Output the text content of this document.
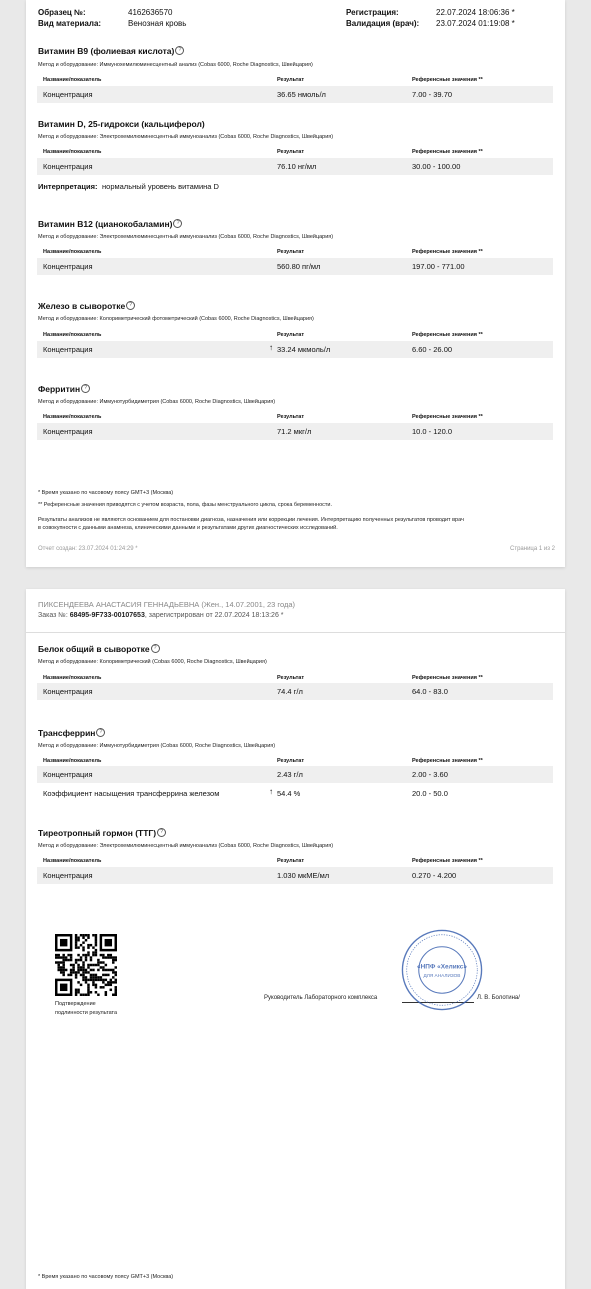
Образец №:	4162636570
Вид материала:	Венозная кровь
Регистрация:	22.07.2024 18:06:36 *
Валидация (врач): 23.07.2024 01:19:08 *
Витамин B9 (фолиевая кислота) ?
Метод и оборудование: Иммунохемилюминесцентный анализ (Cobas 6000, Roche Diagnostics, Швейцария)
Название/показатель	Результат	Референсные значения **
Концентрация	36.65 нмоль/л	7.00 - 39.70
Витамин D, 25-гидрокси (кальциферол)
Метод и оборудование: Электрохемилюминесцентный иммуноанализ (Cobas 6000, Roche Diagnostics, Швейцария)
Название/показатель	Результат	Референсные значения **
Концентрация	76.10 нг/мл	30.00 - 100.00
Интерпретация: нормальный уровень витамина D
Витамин B12 (цианокобаламин) ?
Метод и оборудование: Электрохемилюминесцентный иммуноанализ (Cobas 6000, Roche Diagnostics, Швейцария)
Название/показатель	Результат	Референсные значения **
Концентрация	560.80 пг/мл	197.00 - 771.00
Железо в сыворотке ?
Метод и оборудование: Колориметрический фотометрический (Cobas 6000, Roche Diagnostics, Швейцария)
Название/показатель	Результат	Референсные значения **
Концентрация	↑ 33.24 мкмоль/л	6.60 - 26.00
Ферритин ?
Метод и оборудование: Иммунотурбидиметрия (Cobas 6000, Roche Diagnostics, Швейцария)
Название/показатель	Результат	Референсные значения **
Концентрация	71.2 мкг/л	10.0 - 120.0
* Время указано по часовому поясу GMT+3 (Москва)
** Референсные значения приводятся с учетом возраста, пола, фазы менструального цикла, срока беременности.
Результаты анализов не являются основанием для постановки диагноза, назначения или коррекции лечения. Интерпретацию полученных результатов проводит врач
в совокупности с данными анамнеза, клиническими данными и результатами других диагностических исследований.
Отчет создан: 23.07.2024 01:24:29 *	Страница 1 из 2
ПИКСЕНДЕЕВА АНАСТАСИЯ ГЕННАДЬЕВНА (Жен., 14.07.2001, 23 года)
Заказ №: 68495-9F733-00107653, зарегистрирован от 22.07.2024 18:13:26 *
Белок общий в сыворотке ?
Метод и оборудование: Колориметрический (Cobas 6000, Roche Diagnostics, Швейцария)
Название/показатель	Результат	Референсные значения **
Концентрация	74.4 г/л	64.0 - 83.0
Трансферрин ?
Метод и оборудование: Иммунотурбидиметрия (Cobas 6000, Roche Diagnostics, Швейцария)
Название/показатель	Результат	Референсные значения **
Концентрация	2.43 г/л	2.00 - 3.60
Коэффициент насыщения трансферрина железом	↑ 54.4 %	20.0 - 50.0
Тиреотропный гормон (ТТГ) ?
Метод и оборудование: Электрохемилюминесцентный иммуноанализ (Cobas 6000, Roche Diagnostics, Швейцария)
Название/показатель	Результат	Референсные значения **
Концентрация	1.030 мкМЕ/мл	0.270 - 4.200
Подтверждение
подлинности результата
Руководитель Лабораторного комплекса	Л. В. Болотина/
«НПФ «Хеликс»
ДЛЯ АНАЛИЗОВ
* Время указано по часовому поясу GMT+3 (Москва)
